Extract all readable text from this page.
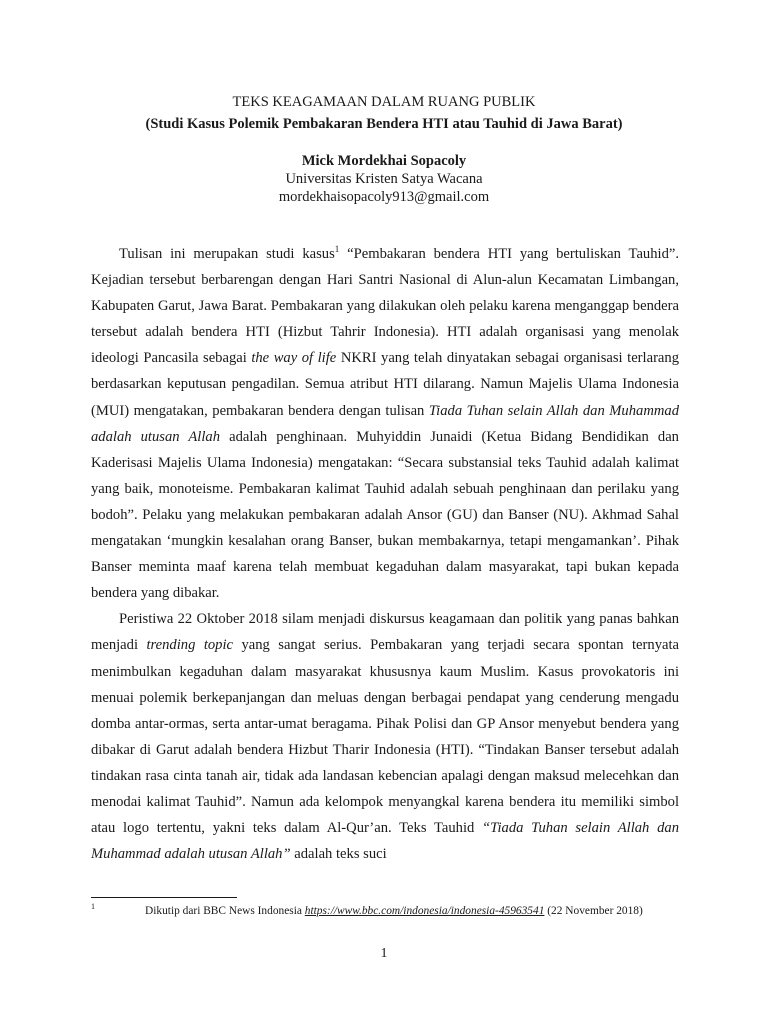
TEKS KEAGAMAAN DALAM RUANG PUBLIK
(Studi Kasus Polemik Pembakaran Bendera HTI atau Tauhid di Jawa Barat)
Mick Mordekhai Sopacoly
Universitas Kristen Satya Wacana
mordekhaisopacoly913@gmail.com

Tulisan ini merupakan studi kasus$^1$ “Pembakaran bendera HTI yang bertuliskan Tauhid”. Kejadian tersebut berbarengan dengan Hari Santri Nasional di Alun-alun Kecamatan Limbangan, Kabupaten Garut, Jawa Barat. Pembakaran yang dilakukan oleh pelaku karena menganggap bendera tersebut adalah bendera HTI (Hizbut Tahrir Indonesia). HTI adalah organisasi yang menolak ideologi Pancasila sebagai the way of life NKRI yang telah dinyatakan sebagai organisasi terlarang berdasarkan keputusan pengadilan. Semua atribut HTI dilarang. Namun Majelis Ulama Indonesia (MUI) mengatakan, pembakaran bendera dengan tulisan Tiada Tuhan selain Allah dan Muhammad adalah utusan Allah adalah penghinaan. Muhyiddin Junaidi (Ketua Bidang Bendidikan dan Kaderisasi Majelis Ulama Indonesia) mengatakan: “Secara substansial teks Tauhid adalah kalimat yang baik, monoteisme. Pembakaran kalimat Tauhid adalah sebuah penghinaan dan perilaku yang bodoh”. Pelaku yang melakukan pembakaran adalah Ansor (GU) dan Banser (NU). Akhmad Sahal mengatakan ‘mungkin kesalahan orang Banser, bukan membakarnya, tetapi mengamankan’. Pihak Banser meminta maaf karena telah membuat kegaduhan dalam masyarakat, tapi bukan kepada bendera yang dibakar.

Peristiwa 22 Oktober 2018 silam menjadi diskursus keagamaan dan politik yang panas bahkan menjadi trending topic yang sangat serius. Pembakaran yang terjadi secara spontan ternyata menimbulkan kegaduhan dalam masyarakat khususnya kaum Muslim. Kasus provokatoris ini menuai polemik berkepanjangan dan meluas dengan berbagai pendapat yang cenderung mengadu domba antar-ormas, serta antar-umat beragama. Pihak Polisi dan GP Ansor menyebut bendera yang dibakar di Garut adalah bendera Hizbut Tharir Indonesia (HTI). “Tindakan Banser tersebut adalah tindakan rasa cinta tanah air, tidak ada landasan kebencian apalagi dengan maksud melecehkan dan menodai kalimat Tauhid”. Namun ada kelompok menyangkal karena bendera itu memiliki simbol atau logo tertentu, yakni teks dalam Al-Qur’an. Teks Tauhid “Tiada Tuhan selain Allah dan Muhammad adalah utusan Allah” adalah teks suci

1	Dikutip dari BBC News Indonesia https://www.bbc.com/indonesia/indonesia-45963541 (22 November 2018)
1
